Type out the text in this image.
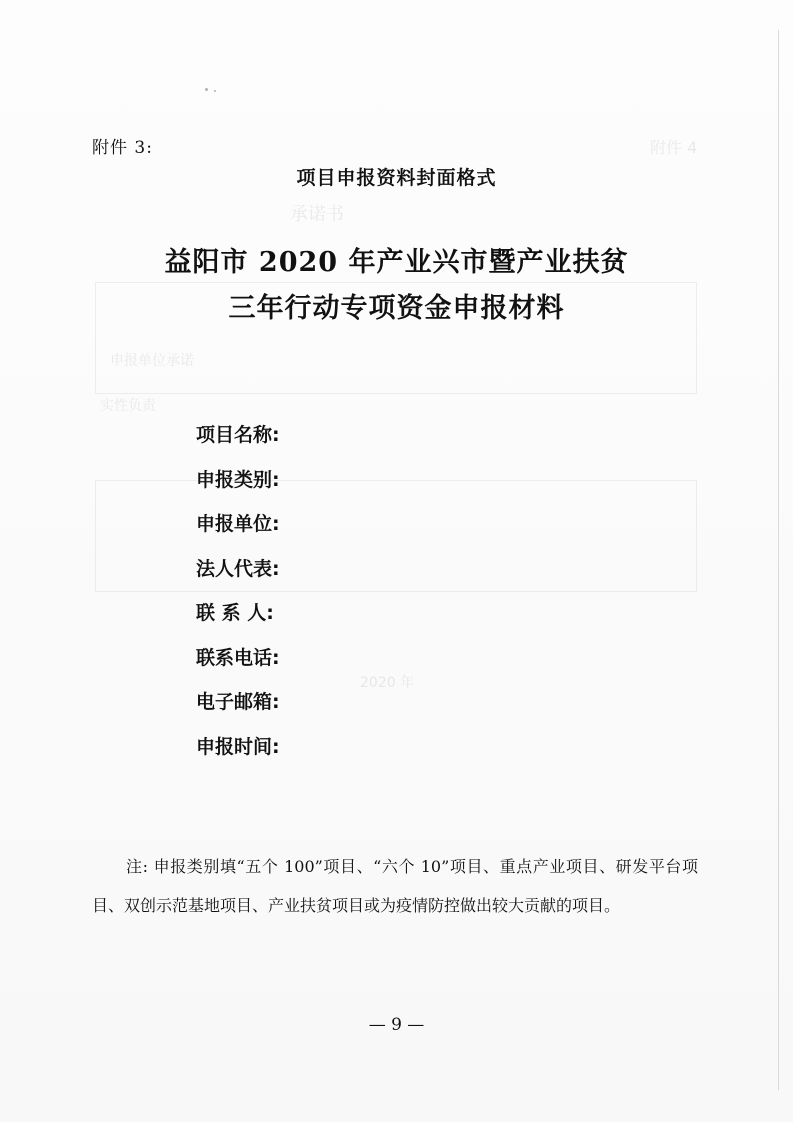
附件 4
承诺书
申报单位承诺
实性负责
2020 年
附件 3:
项目申报资料封面格式
益阳市 2020 年产业兴市暨产业扶贫
三年行动专项资金申报材料
项目名称:
申报类别:
申报单位:
法人代表:
联 系 人:
联系电话:
电子邮箱:
申报时间:
注: 申报类别填“五个 100”项目、“六个 10”项目、重点产业项目、研发平台项目、双创示范基地项目、产业扶贫项目或为疫情防控做出较大贡献的项目。
— 9 —
